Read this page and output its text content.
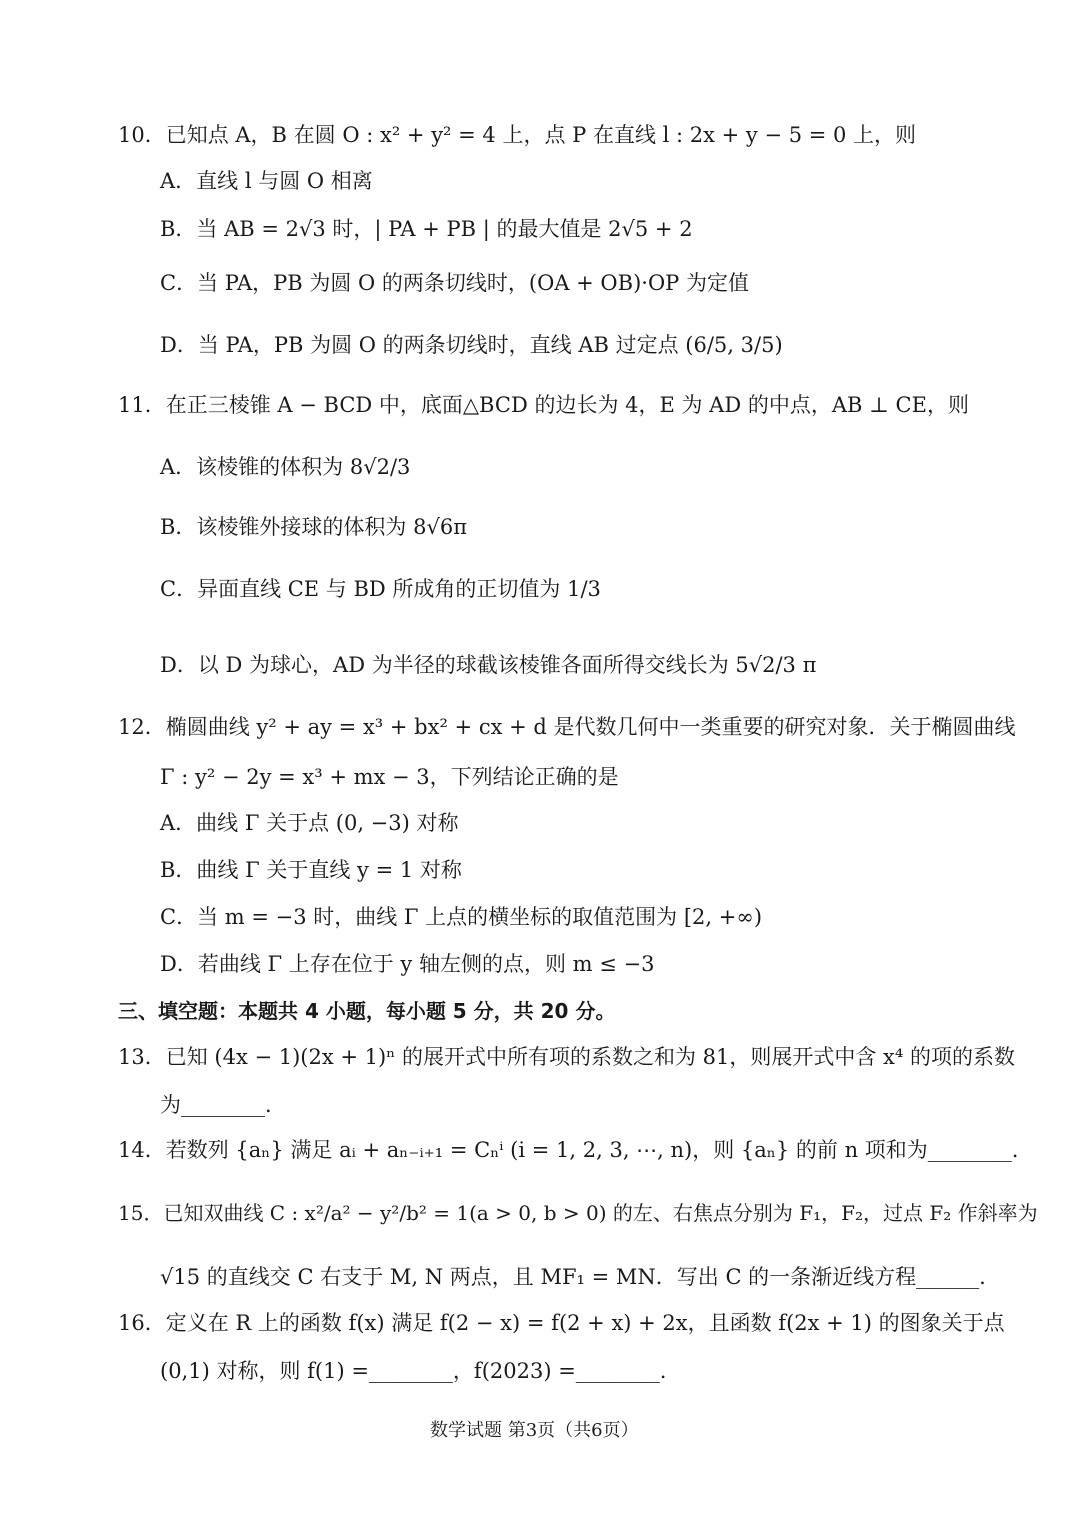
10．已知点 A，B 在圆 O : x² + y² = 4 上，点 P 在直线 l : 2x + y − 5 = 0 上，则
A．直线 l 与圆 O 相离
B．当 AB = 2√3 时，| PA + PB | 的最大值是 2√5 + 2
C．当 PA，PB 为圆 O 的两条切线时，(OA + OB)·OP 为定值
D．当 PA，PB 为圆 O 的两条切线时，直线 AB 过定点 (6/5, 3/5)
11．在正三棱锥 A − BCD 中，底面△BCD 的边长为 4，E 为 AD 的中点，AB ⊥ CE，则
A．该棱锥的体积为 8√2/3
B．该棱锥外接球的体积为 8√6π
C．异面直线 CE 与 BD 所成角的正切值为 1/3
D．以 D 为球心，AD 为半径的球截该棱锥各面所得交线长为 5√2/3 π
12．椭圆曲线 y² + ay = x³ + bx² + cx + d 是代数几何中一类重要的研究对象．关于椭圆曲线
Γ : y² − 2y = x³ + mx − 3，下列结论正确的是
A．曲线 Γ 关于点 (0, −3) 对称
B．曲线 Γ 关于直线 y = 1 对称
C．当 m = −3 时，曲线 Γ 上点的横坐标的取值范围为 [2, +∞)
D．若曲线 Γ 上存在位于 y 轴左侧的点，则 m ≤ −3
三、填空题：本题共 4 小题，每小题 5 分，共 20 分。
13．已知 (4x − 1)(2x + 1)ⁿ 的展开式中所有项的系数之和为 81，则展开式中含 x⁴ 的项的系数
为________.
14．若数列 {aₙ} 满足 aᵢ + aₙ₋ᵢ₊₁ = Cₙⁱ (i = 1, 2, 3, ⋯, n)，则 {aₙ} 的前 n 项和为________.
15．已知双曲线 C : x²/a² − y²/b² = 1(a > 0, b > 0) 的左、右焦点分别为 F₁，F₂，过点 F₂ 作斜率为
√15 的直线交 C 右支于 M, N 两点，且 MF₁ = MN．写出 C 的一条渐近线方程______.
16．定义在 R 上的函数 f(x) 满足 f(2 − x) = f(2 + x) + 2x，且函数 f(2x + 1) 的图象关于点
(0,1) 对称，则 f(1) =________，f(2023) =________.
数学试题 第3页（共6页）
